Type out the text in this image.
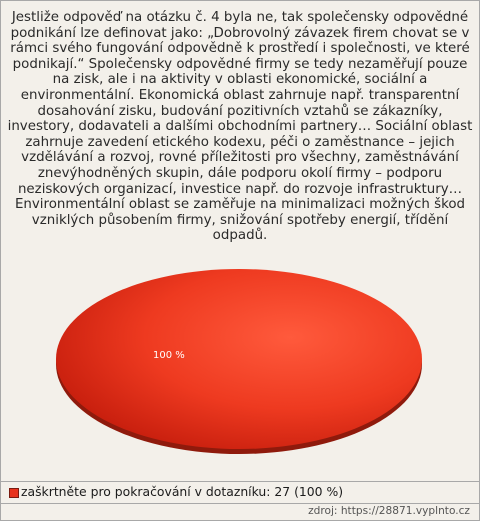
Jestliže odpověď na otázku č. 4 byla ne, tak společensky odpovědné podnikání lze definovat jako: „Dobrovolný závazek firem chovat se v rámci svého fungování odpovědně k prostředí i společnosti, ve které podnikají.“ Společensky odpovědné firmy se tedy nezaměřují pouze na zisk, ale i na aktivity v oblasti ekonomické, sociální a environmentální. Ekonomická oblast zahrnuje např. transparentní dosahování zisku, budování pozitivních vztahů se zákazníky, investory, dodavateli a dalšími obchodními partnery… Sociální oblast zahrnuje zavedení etického kodexu, péči o zaměstnance – jejich vzdělávání a rozvoj, rovné příležitosti pro všechny, zaměstnávání znevýhodněných skupin, dále podporu okolí firmy – podporu neziskových organizací, investice např. do rozvoje infrastruktury… Environmentální oblast se zaměřuje na minimalizaci možných škod vzniklých působením firmy, snižování spotřeby energií, třídění odpadů.

100 %
zaškrtněte pro pokračování v dotazníku: 27 (100 %)
zdroj: https://28871.vyplnto.cz
